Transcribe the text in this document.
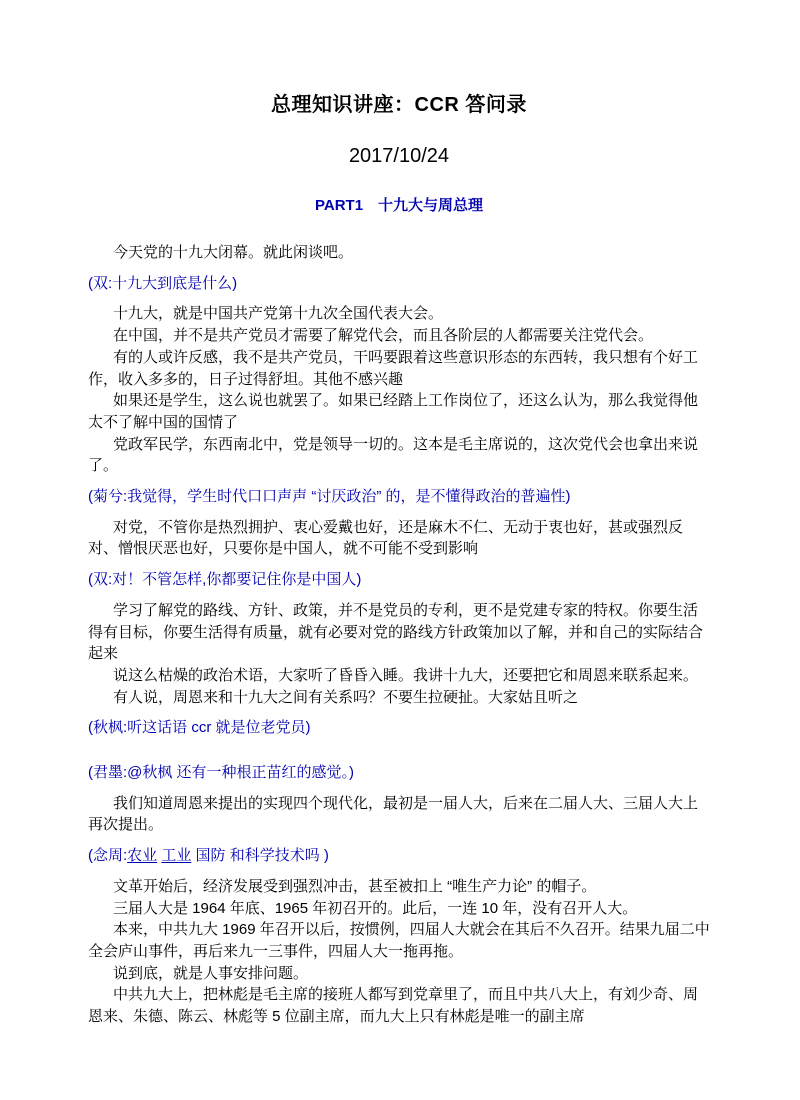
总理知识讲座：CCR 答问录
2017/10/24
PART1　十九大与周总理

今天党的十九大闭幕。就此闲谈吧。

(双:十九大到底是什么)

十九大，就是中国共产党第十九次全国代表大会。

在中国，并不是共产党员才需要了解党代会，而且各阶层的人都需要关注党代会。

有的人或许反感，我不是共产党员，干吗要跟着这些意识形态的东西转，我只想有个好工作，收入多多的，日子过得舒坦。其他不感兴趣

如果还是学生，这么说也就罢了。如果已经踏上工作岗位了，还这么认为，那么我觉得他太不了解中国的国情了

党政军民学，东西南北中，党是领导一切的。这本是毛主席说的，这次党代会也拿出来说了。

(菊兮:我觉得，学生时代口口声声 “讨厌政治” 的，是不懂得政治的普遍性)

对党，不管你是热烈拥护、衷心爱戴也好，还是麻木不仁、无动于衷也好，甚或强烈反对、憎恨厌恶也好，只要你是中国人，就不可能不受到影响

(双:对！不管怎样,你都要记住你是中国人)

学习了解党的路线、方针、政策，并不是党员的专利，更不是党建专家的特权。你要生活得有目标，你要生活得有质量，就有必要对党的路线方针政策加以了解，并和自己的实际结合起来

说这么枯燥的政治术语，大家听了昏昏入睡。我讲十九大，还要把它和周恩来联系起来。

有人说，周恩来和十九大之间有关系吗？不要生拉硬扯。大家姑且听之

(秋枫:听这话语 ccr 就是位老党员)

(君墨:@秋枫 还有一种根正苗红的感觉。)

我们知道周恩来提出的实现四个现代化，最初是一届人大，后来在二届人大、三届人大上再次提出。

(念周:农业 工业 国防 和科学技术吗 )

文革开始后，经济发展受到强烈冲击，甚至被扣上 “唯生产力论” 的帽子。

三届人大是 1964 年底、1965 年初召开的。此后，一连 10 年，没有召开人大。

本来，中共九大 1969 年召开以后，按惯例，四届人大就会在其后不久召开。结果九届二中全会庐山事件，再后来九一三事件，四届人大一拖再拖。

说到底，就是人事安排问题。

中共九大上，把林彪是毛主席的接班人都写到党章里了，而且中共八大上，有刘少奇、周恩来、朱德、陈云、林彪等 5 位副主席，而九大上只有林彪是唯一的副主席
